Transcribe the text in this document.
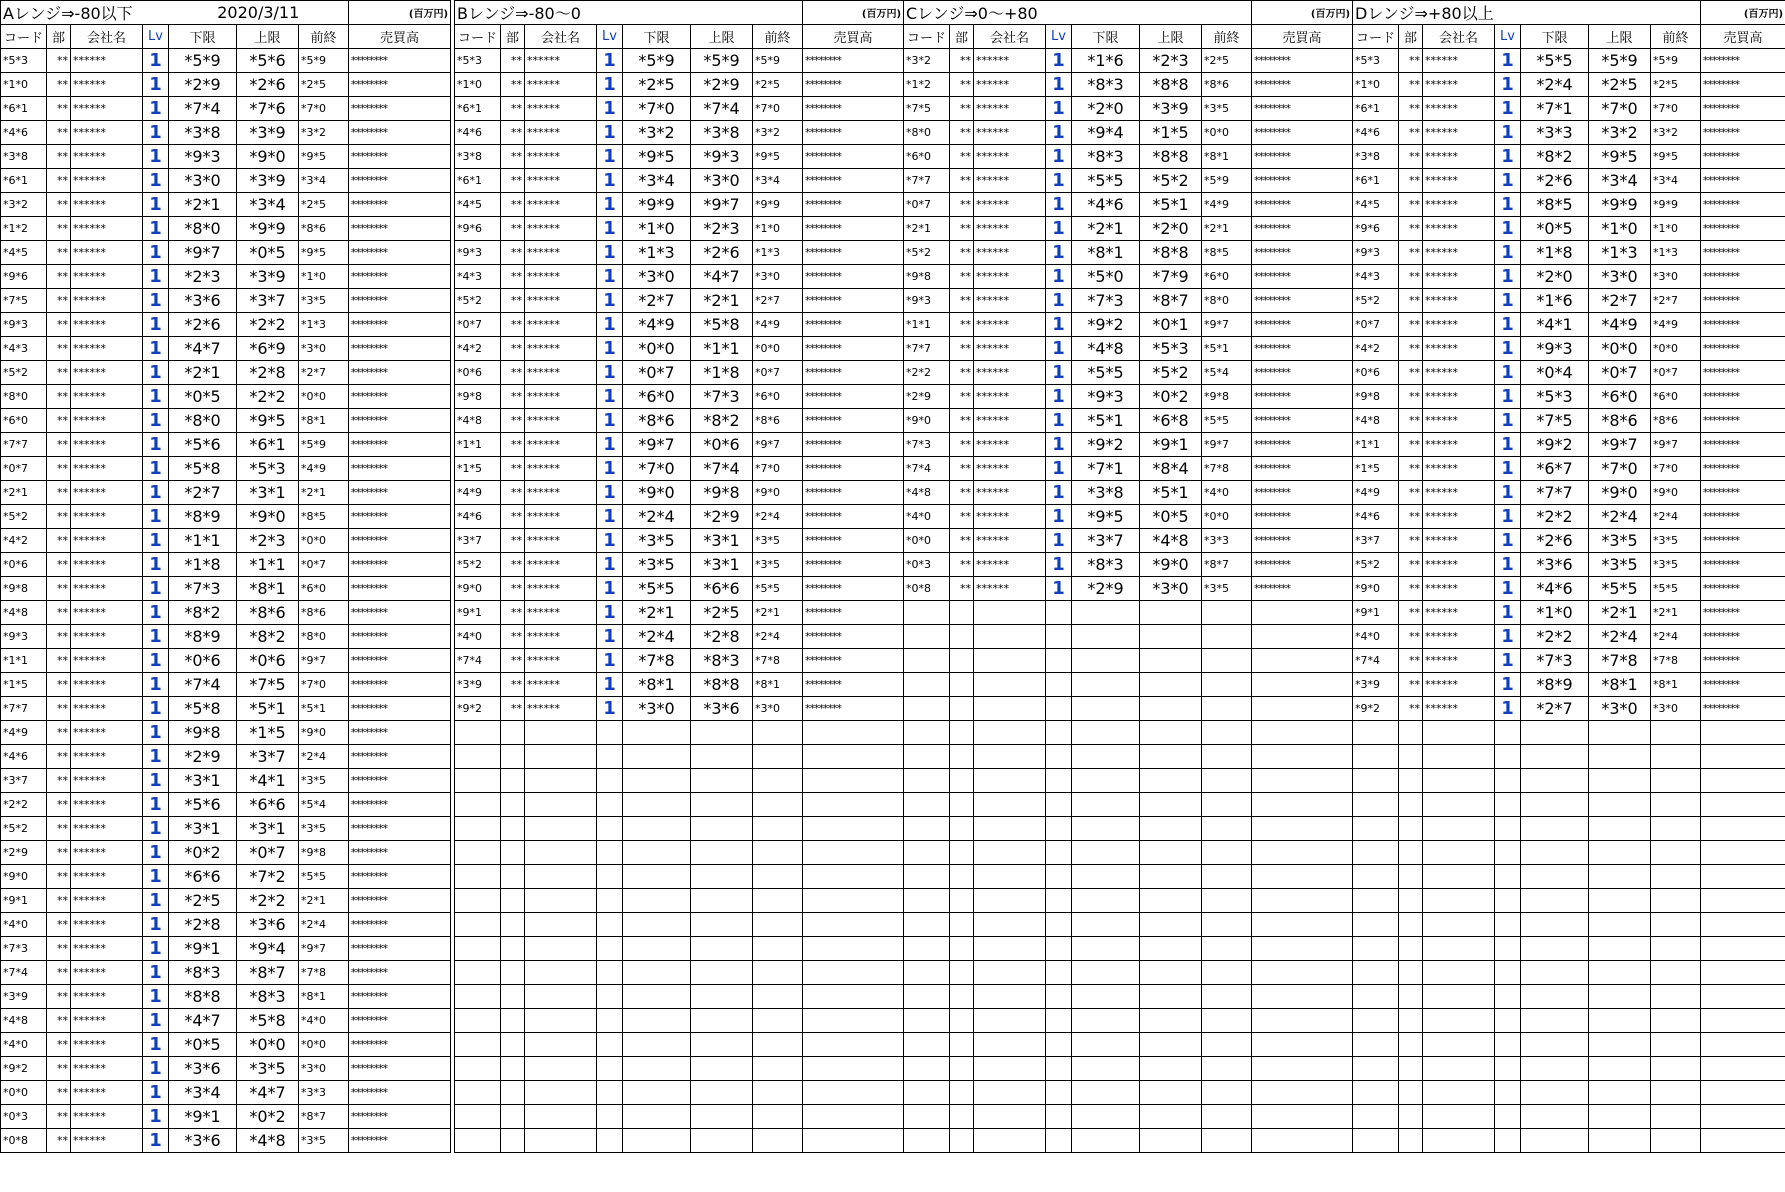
Aレンジ⇒-80以下				2020/3/11			(百万円)
コード	部	会社名	Lv	下限	上限	前終	売買高
*5*3	**	******	1	*5*9	*5*6	*5*9	********
*1*0	**	******	1	*2*9	*2*6	*2*5	********
*6*1	**	******	1	*7*4	*7*6	*7*0	********
*4*6	**	******	1	*3*8	*3*9	*3*2	********
*3*8	**	******	1	*9*3	*9*0	*9*5	********
*6*1	**	******	1	*3*0	*3*9	*3*4	********
*3*2	**	******	1	*2*1	*3*4	*2*5	********
*1*2	**	******	1	*8*0	*9*9	*8*6	********
*4*5	**	******	1	*9*7	*0*5	*9*5	********
*9*6	**	******	1	*2*3	*3*9	*1*0	********
*7*5	**	******	1	*3*6	*3*7	*3*5	********
*9*3	**	******	1	*2*6	*2*2	*1*3	********
*4*3	**	******	1	*4*7	*6*9	*3*0	********
*5*2	**	******	1	*2*1	*2*8	*2*7	********
*8*0	**	******	1	*0*5	*2*2	*0*0	********
*6*0	**	******	1	*8*0	*9*5	*8*1	********
*7*7	**	******	1	*5*6	*6*1	*5*9	********
*0*7	**	******	1	*5*8	*5*3	*4*9	********
*2*1	**	******	1	*2*7	*3*1	*2*1	********
*5*2	**	******	1	*8*9	*9*0	*8*5	********
*4*2	**	******	1	*1*1	*2*3	*0*0	********
*0*6	**	******	1	*1*8	*1*1	*0*7	********
*9*8	**	******	1	*7*3	*8*1	*6*0	********
*4*8	**	******	1	*8*2	*8*6	*8*6	********
*9*3	**	******	1	*8*9	*8*2	*8*0	********
*1*1	**	******	1	*0*6	*0*6	*9*7	********
*1*5	**	******	1	*7*4	*7*5	*7*0	********
*7*7	**	******	1	*5*8	*5*1	*5*1	********
*4*9	**	******	1	*9*8	*1*5	*9*0	********
*4*6	**	******	1	*2*9	*3*7	*2*4	********
*3*7	**	******	1	*3*1	*4*1	*3*5	********
*2*2	**	******	1	*5*6	*6*6	*5*4	********
*5*2	**	******	1	*3*1	*3*1	*3*5	********
*2*9	**	******	1	*0*2	*0*7	*9*8	********
*9*0	**	******	1	*6*6	*7*2	*5*5	********
*9*1	**	******	1	*2*5	*2*2	*2*1	********
*4*0	**	******	1	*2*8	*3*6	*2*4	********
*7*3	**	******	1	*9*1	*9*4	*9*7	********
*7*4	**	******	1	*8*3	*8*7	*7*8	********
*3*9	**	******	1	*8*8	*8*3	*8*1	********
*4*8	**	******	1	*4*7	*5*8	*4*0	********
*4*0	**	******	1	*0*5	*0*0	*0*0	********
*9*2	**	******	1	*3*6	*3*5	*3*0	********
*0*0	**	******	1	*3*4	*4*7	*3*3	********
*0*3	**	******	1	*9*1	*0*2	*8*7	********
*0*8	**	******	1	*3*6	*4*8	*3*5	********
Bレンジ⇒-80～0							(百万円)
コード	部	会社名	Lv	下限	上限	前終	売買高
*5*3	**	******	1	*5*9	*5*9	*5*9	********
*1*0	**	******	1	*2*5	*2*9	*2*5	********
*6*1	**	******	1	*7*0	*7*4	*7*0	********
*4*6	**	******	1	*3*2	*3*8	*3*2	********
*3*8	**	******	1	*9*5	*9*3	*9*5	********
*6*1	**	******	1	*3*4	*3*0	*3*4	********
*4*5	**	******	1	*9*9	*9*7	*9*9	********
*9*6	**	******	1	*1*0	*2*3	*1*0	********
*9*3	**	******	1	*1*3	*2*6	*1*3	********
*4*3	**	******	1	*3*0	*4*7	*3*0	********
*5*2	**	******	1	*2*7	*2*1	*2*7	********
*0*7	**	******	1	*4*9	*5*8	*4*9	********
*4*2	**	******	1	*0*0	*1*1	*0*0	********
*0*6	**	******	1	*0*7	*1*8	*0*7	********
*9*8	**	******	1	*6*0	*7*3	*6*0	********
*4*8	**	******	1	*8*6	*8*2	*8*6	********
*1*1	**	******	1	*9*7	*0*6	*9*7	********
*1*5	**	******	1	*7*0	*7*4	*7*0	********
*4*9	**	******	1	*9*0	*9*8	*9*0	********
*4*6	**	******	1	*2*4	*2*9	*2*4	********
*3*7	**	******	1	*3*5	*3*1	*3*5	********
*5*2	**	******	1	*3*5	*3*1	*3*5	********
*9*0	**	******	1	*5*5	*6*6	*5*5	********
*9*1	**	******	1	*2*1	*2*5	*2*1	********
*4*0	**	******	1	*2*4	*2*8	*2*4	********
*7*4	**	******	1	*7*8	*8*3	*7*8	********
*3*9	**	******	1	*8*1	*8*8	*8*1	********
*9*2	**	******	1	*3*0	*3*6	*3*0	********

Cレンジ⇒0～+80							(百万円)
コード	部	会社名	Lv	下限	上限	前終	売買高
*3*2	**	******	1	*1*6	*2*3	*2*5	********
*1*2	**	******	1	*8*3	*8*8	*8*6	********
*7*5	**	******	1	*2*0	*3*9	*3*5	********
*8*0	**	******	1	*9*4	*1*5	*0*0	********
*6*0	**	******	1	*8*3	*8*8	*8*1	********
*7*7	**	******	1	*5*5	*5*2	*5*9	********
*0*7	**	******	1	*4*6	*5*1	*4*9	********
*2*1	**	******	1	*2*1	*2*0	*2*1	********
*5*2	**	******	1	*8*1	*8*8	*8*5	********
*9*8	**	******	1	*5*0	*7*9	*6*0	********
*9*3	**	******	1	*7*3	*8*7	*8*0	********
*1*1	**	******	1	*9*2	*0*1	*9*7	********
*7*7	**	******	1	*4*8	*5*3	*5*1	********
*2*2	**	******	1	*5*5	*5*2	*5*4	********
*2*9	**	******	1	*9*3	*0*2	*9*8	********
*9*0	**	******	1	*5*1	*6*8	*5*5	********
*7*3	**	******	1	*9*2	*9*1	*9*7	********
*7*4	**	******	1	*7*1	*8*4	*7*8	********
*4*8	**	******	1	*3*8	*5*1	*4*0	********
*4*0	**	******	1	*9*5	*0*5	*0*0	********
*0*0	**	******	1	*3*7	*4*8	*3*3	********
*0*3	**	******	1	*8*3	*9*0	*8*7	********
*0*8	**	******	1	*2*9	*3*0	*3*5	********

Dレンジ⇒+80以上							(百万円)
コード	部	会社名	Lv	下限	上限	前終	売買高
*5*3	**	******	1	*5*5	*5*9	*5*9	********
*1*0	**	******	1	*2*4	*2*5	*2*5	********
*6*1	**	******	1	*7*1	*7*0	*7*0	********
*4*6	**	******	1	*3*3	*3*2	*3*2	********
*3*8	**	******	1	*8*2	*9*5	*9*5	********
*6*1	**	******	1	*2*6	*3*4	*3*4	********
*4*5	**	******	1	*8*5	*9*9	*9*9	********
*9*6	**	******	1	*0*5	*1*0	*1*0	********
*9*3	**	******	1	*1*8	*1*3	*1*3	********
*4*3	**	******	1	*2*0	*3*0	*3*0	********
*5*2	**	******	1	*1*6	*2*7	*2*7	********
*0*7	**	******	1	*4*1	*4*9	*4*9	********
*4*2	**	******	1	*9*3	*0*0	*0*0	********
*0*6	**	******	1	*0*4	*0*7	*0*7	********
*9*8	**	******	1	*5*3	*6*0	*6*0	********
*4*8	**	******	1	*7*5	*8*6	*8*6	********
*1*1	**	******	1	*9*2	*9*7	*9*7	********
*1*5	**	******	1	*6*7	*7*0	*7*0	********
*4*9	**	******	1	*7*7	*9*0	*9*0	********
*4*6	**	******	1	*2*2	*2*4	*2*4	********
*3*7	**	******	1	*2*6	*3*5	*3*5	********
*5*2	**	******	1	*3*6	*3*5	*3*5	********
*9*0	**	******	1	*4*6	*5*5	*5*5	********
*9*1	**	******	1	*1*0	*2*1	*2*1	********
*4*0	**	******	1	*2*2	*2*4	*2*4	********
*7*4	**	******	1	*7*3	*7*8	*7*8	********
*3*9	**	******	1	*8*9	*8*1	*8*1	********
*9*2	**	******	1	*2*7	*3*0	*3*0	********
